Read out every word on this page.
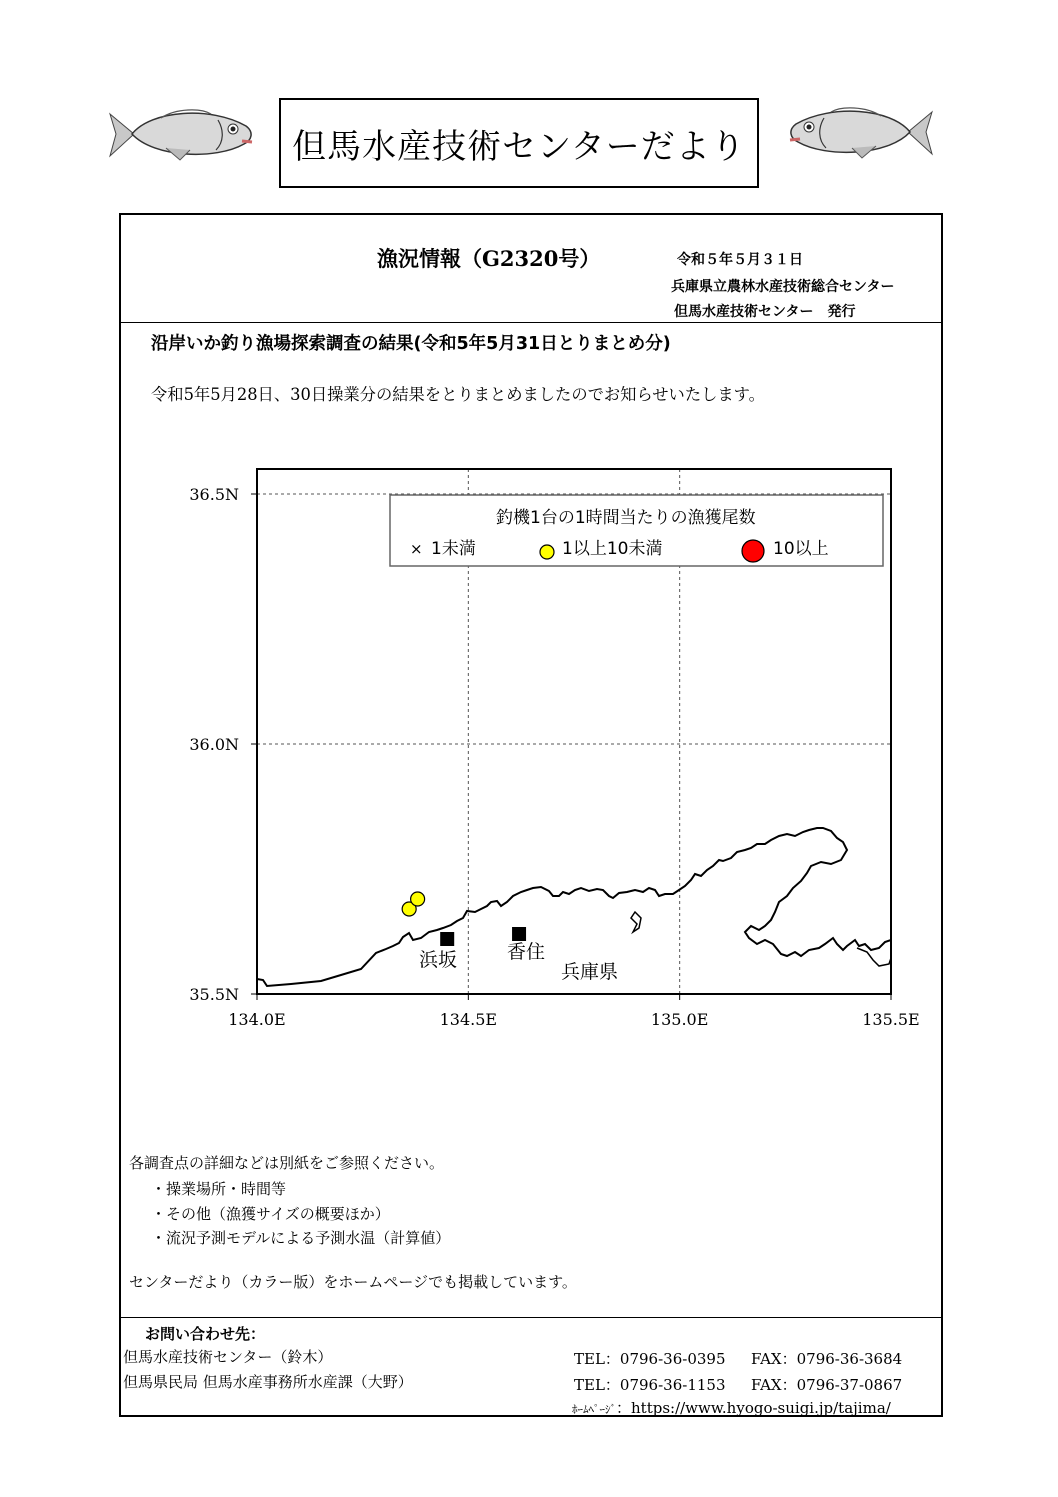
但馬水産技術センターだより
漁況情報（G2320号）	令和５年５月３１日
兵庫県立農林水産技術総合センター
但馬水産技術センター　発行
沿岸いか釣り漁場探索調査の結果(令和5年5月31日とりまとめ分)
令和5年5月28日、30日操業分の結果をとりまとめましたのでお知らせいたします。
36.5N
36.0N
35.5N
134.0E	134.5E	135.0E	135.5E
浜坂	香住
兵庫県
釣機1台の1時間当たりの漁獲尾数
× 1未満	1以上10未満	10以上
各調査点の詳細などは別紙をご参照ください。
・操業場所・時間等
・その他（漁獲サイズの概要ほか）
・流況予測モデルによる予測水温（計算値）
センターだより（カラー版）をホームページでも掲載しています。
お問い合わせ先：
但馬水産技術センター（鈴木）	TEL：0796-36-0395 FAX：0796-36-3684
但馬県民局 但馬水産事務所水産課（大野）	TEL：0796-36-1153 FAX：0796-37-0867
ﾎｰﾑﾍﾟｰｼﾞ：https://www.hyogo-suigi.jp/tajima/
